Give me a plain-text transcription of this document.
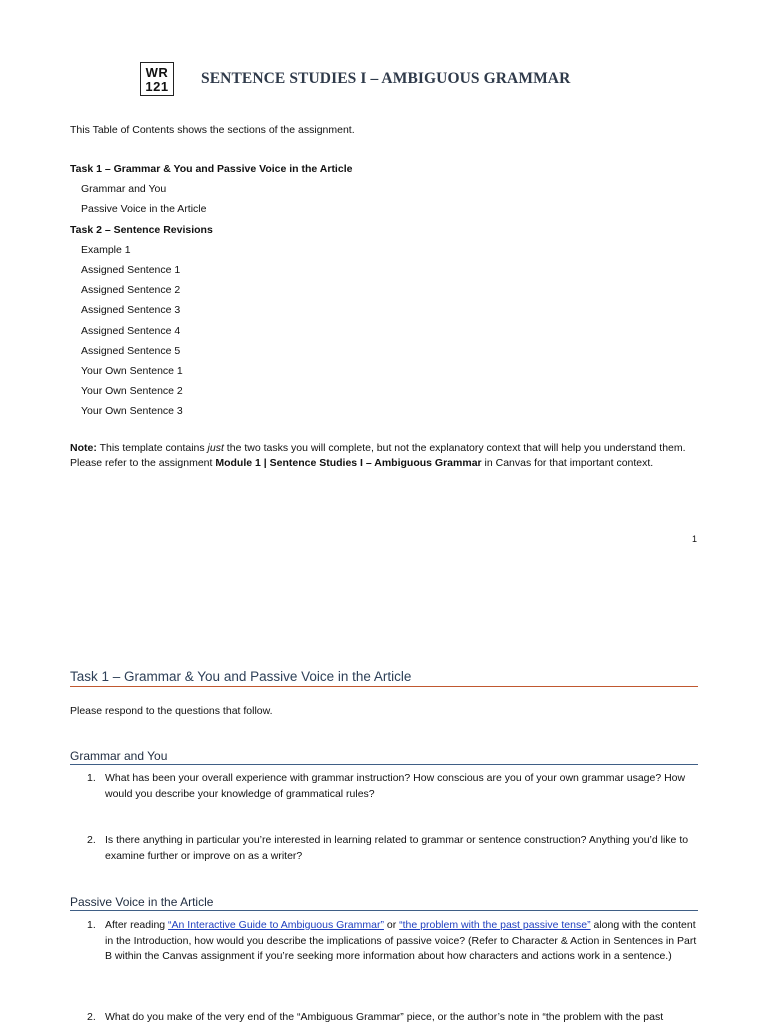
WR
121 SENTENCE STUDIES I – AMBIGUOUS GRAMMAR
This Table of Contents shows the sections of the assignment.
Task 1 – Grammar & You and Passive Voice in the Article
Grammar and You
Passive Voice in the Article
Task 2 – Sentence Revisions
Example 1
Assigned Sentence 1
Assigned Sentence 2
Assigned Sentence 3
Assigned Sentence 4
Assigned Sentence 5
Your Own Sentence 1
Your Own Sentence 2
Your Own Sentence 3
Note: This template contains just the two tasks you will complete, but not the explanatory context that will help you understand them. Please refer to the assignment Module 1 | Sentence Studies I – Ambiguous Grammar in Canvas for that important context.
1
Task 1 – Grammar & You and Passive Voice in the Article
Please respond to the questions that follow.
Grammar and You
1. What has been your overall experience with grammar instruction? How conscious are you of your own grammar usage? How would you describe your knowledge of grammatical rules?
2. Is there anything in particular you’re interested in learning related to grammar or sentence construction? Anything you’d like to examine further or improve on as a writer?
Passive Voice in the Article
1. After reading “An Interactive Guide to Ambiguous Grammar” or “the problem with the past passive tense” along with the content in the Introduction, how would you describe the implications of passive voice? (Refer to Character & Action in Sentences in Part B within the Canvas assignment if you’re seeking more information about how characters and actions work in a sentence.)
2. What do you make of the very end of the “Ambiguous Grammar” piece, or the author’s note in “the problem with the past
